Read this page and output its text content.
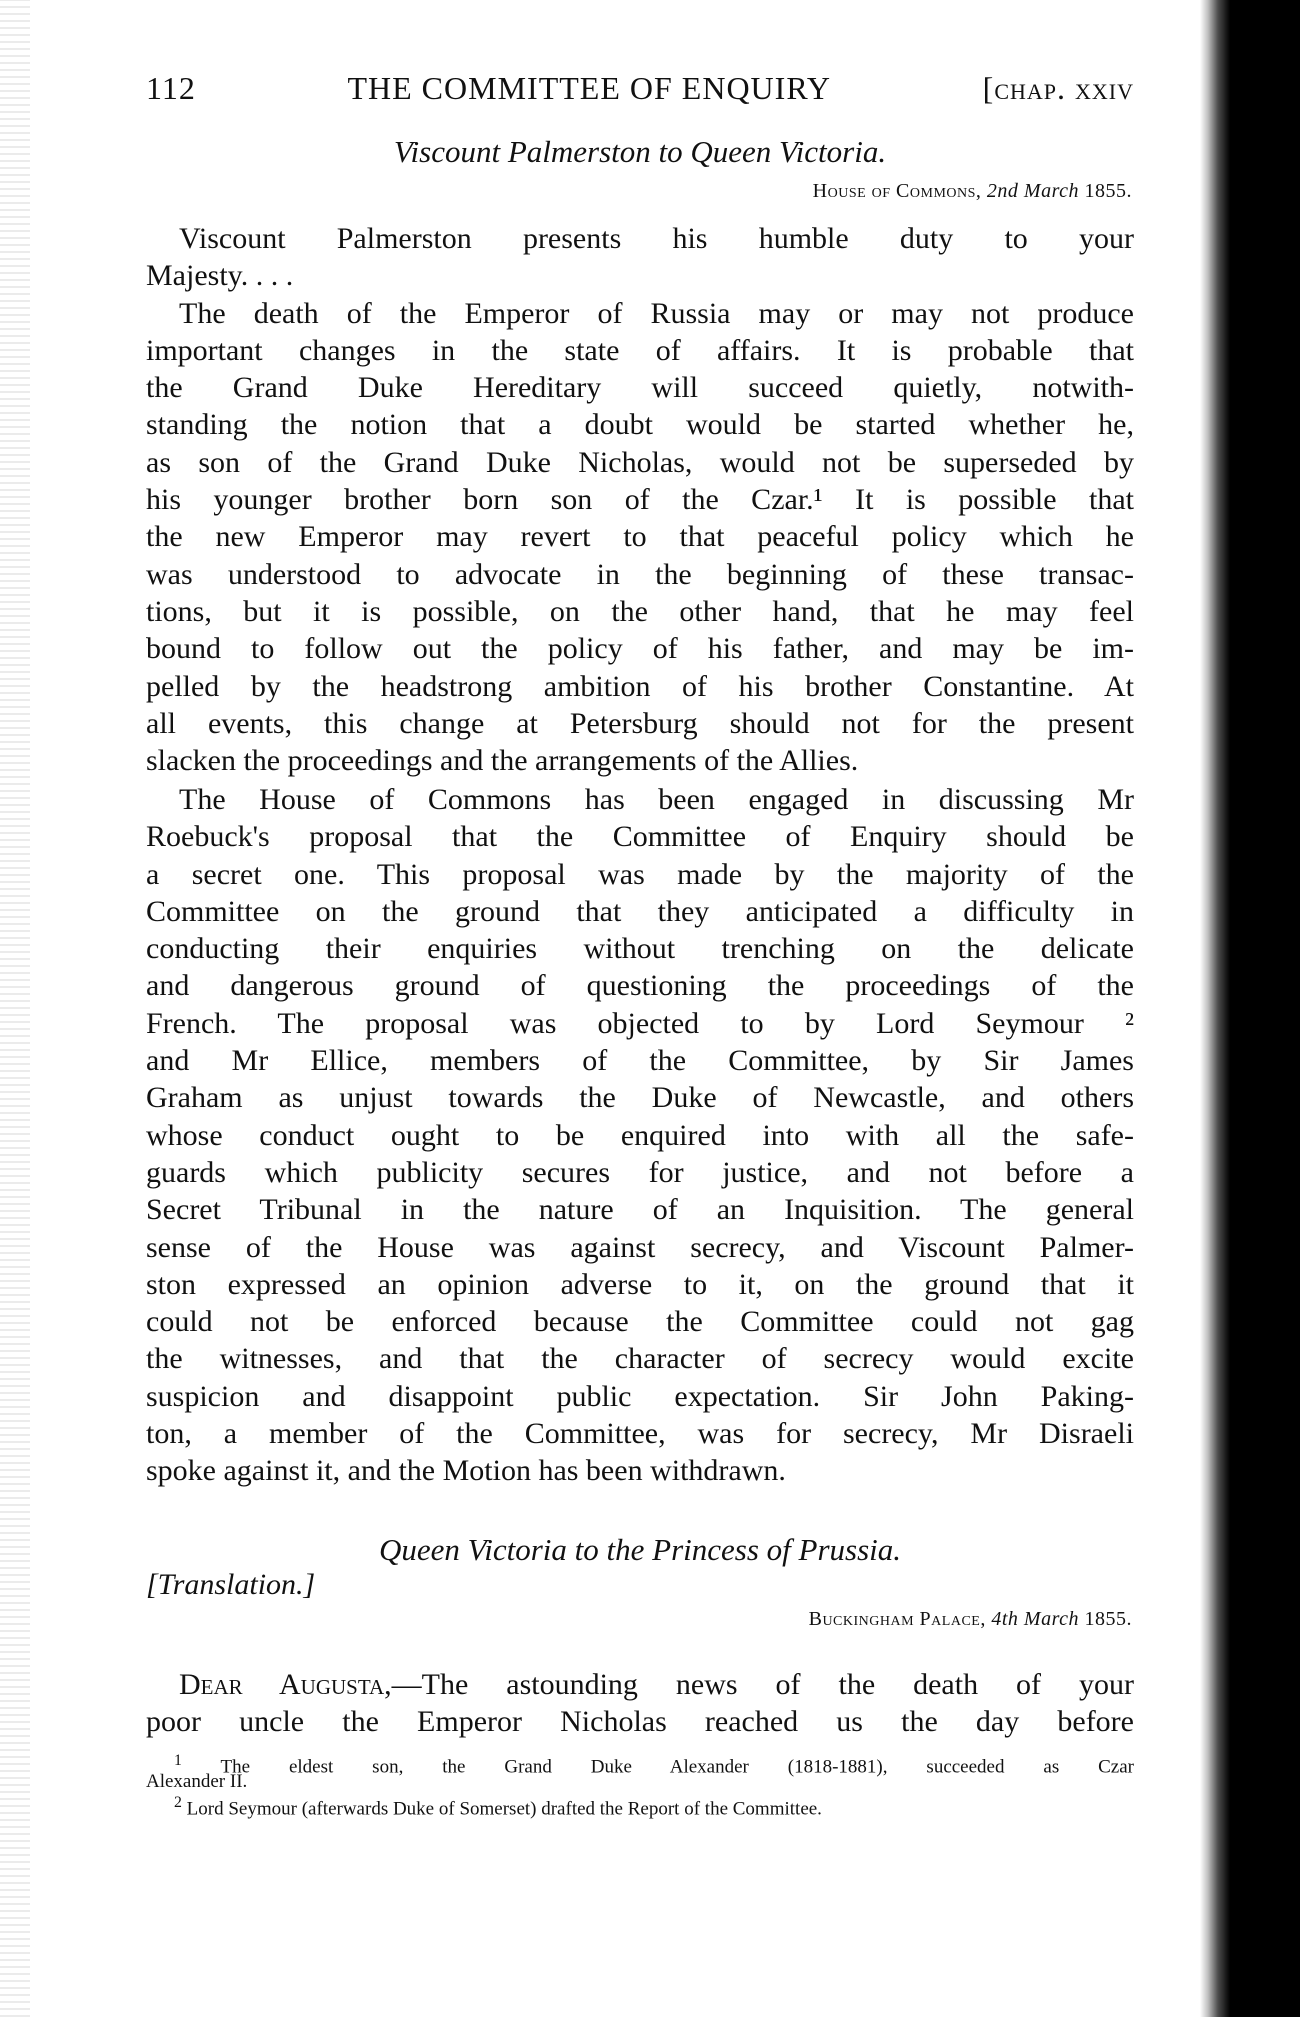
112	THE COMMITTEE OF ENQUIRY	[chap. xxiv
Viscount Palmerston to Queen Victoria.
House of Commons, 2nd March 1855.
Viscount Palmerston presents his humble duty to your
Majesty. . . .
The death of the Emperor of Russia may or may not produce
important changes in the state of affairs. It is probable that
the Grand Duke Hereditary will succeed quietly, notwith-
standing the notion that a doubt would be started whether he,
as son of the Grand Duke Nicholas, would not be superseded by
his younger brother born son of the Czar.¹ It is possible that
the new Emperor may revert to that peaceful policy which he
was understood to advocate in the beginning of these transac-
tions, but it is possible, on the other hand, that he may feel
bound to follow out the policy of his father, and may be im-
pelled by the headstrong ambition of his brother Constantine. At
all events, this change at Petersburg should not for the present
slacken the proceedings and the arrangements of the Allies.
The House of Commons has been engaged in discussing Mr
Roebuck's proposal that the Committee of Enquiry should be
a secret one. This proposal was made by the majority of the
Committee on the ground that they anticipated a difficulty in
conducting their enquiries without trenching on the delicate
and dangerous ground of questioning the proceedings of the
French. The proposal was objected to by Lord Seymour ²
and Mr Ellice, members of the Committee, by Sir James
Graham as unjust towards the Duke of Newcastle, and others
whose conduct ought to be enquired into with all the safe-
guards which publicity secures for justice, and not before a
Secret Tribunal in the nature of an Inquisition. The general
sense of the House was against secrecy, and Viscount Palmer-
ston expressed an opinion adverse to it, on the ground that it
could not be enforced because the Committee could not gag
the witnesses, and that the character of secrecy would excite
suspicion and disappoint public expectation. Sir John Paking-
ton, a member of the Committee, was for secrecy, Mr Disraeli
spoke against it, and the Motion has been withdrawn.
Queen Victoria to the Princess of Prussia.
[Translation.]
Buckingham Palace, 4th March 1855.
Dear Augusta,—The astounding news of the death of your
poor uncle the Emperor Nicholas reached us the day before
$^1$ The eldest son, the Grand Duke Alexander (1818-1881), succeeded as Czar
Alexander II.
$^2$ Lord Seymour (afterwards Duke of Somerset) drafted the Report of the Committee.
